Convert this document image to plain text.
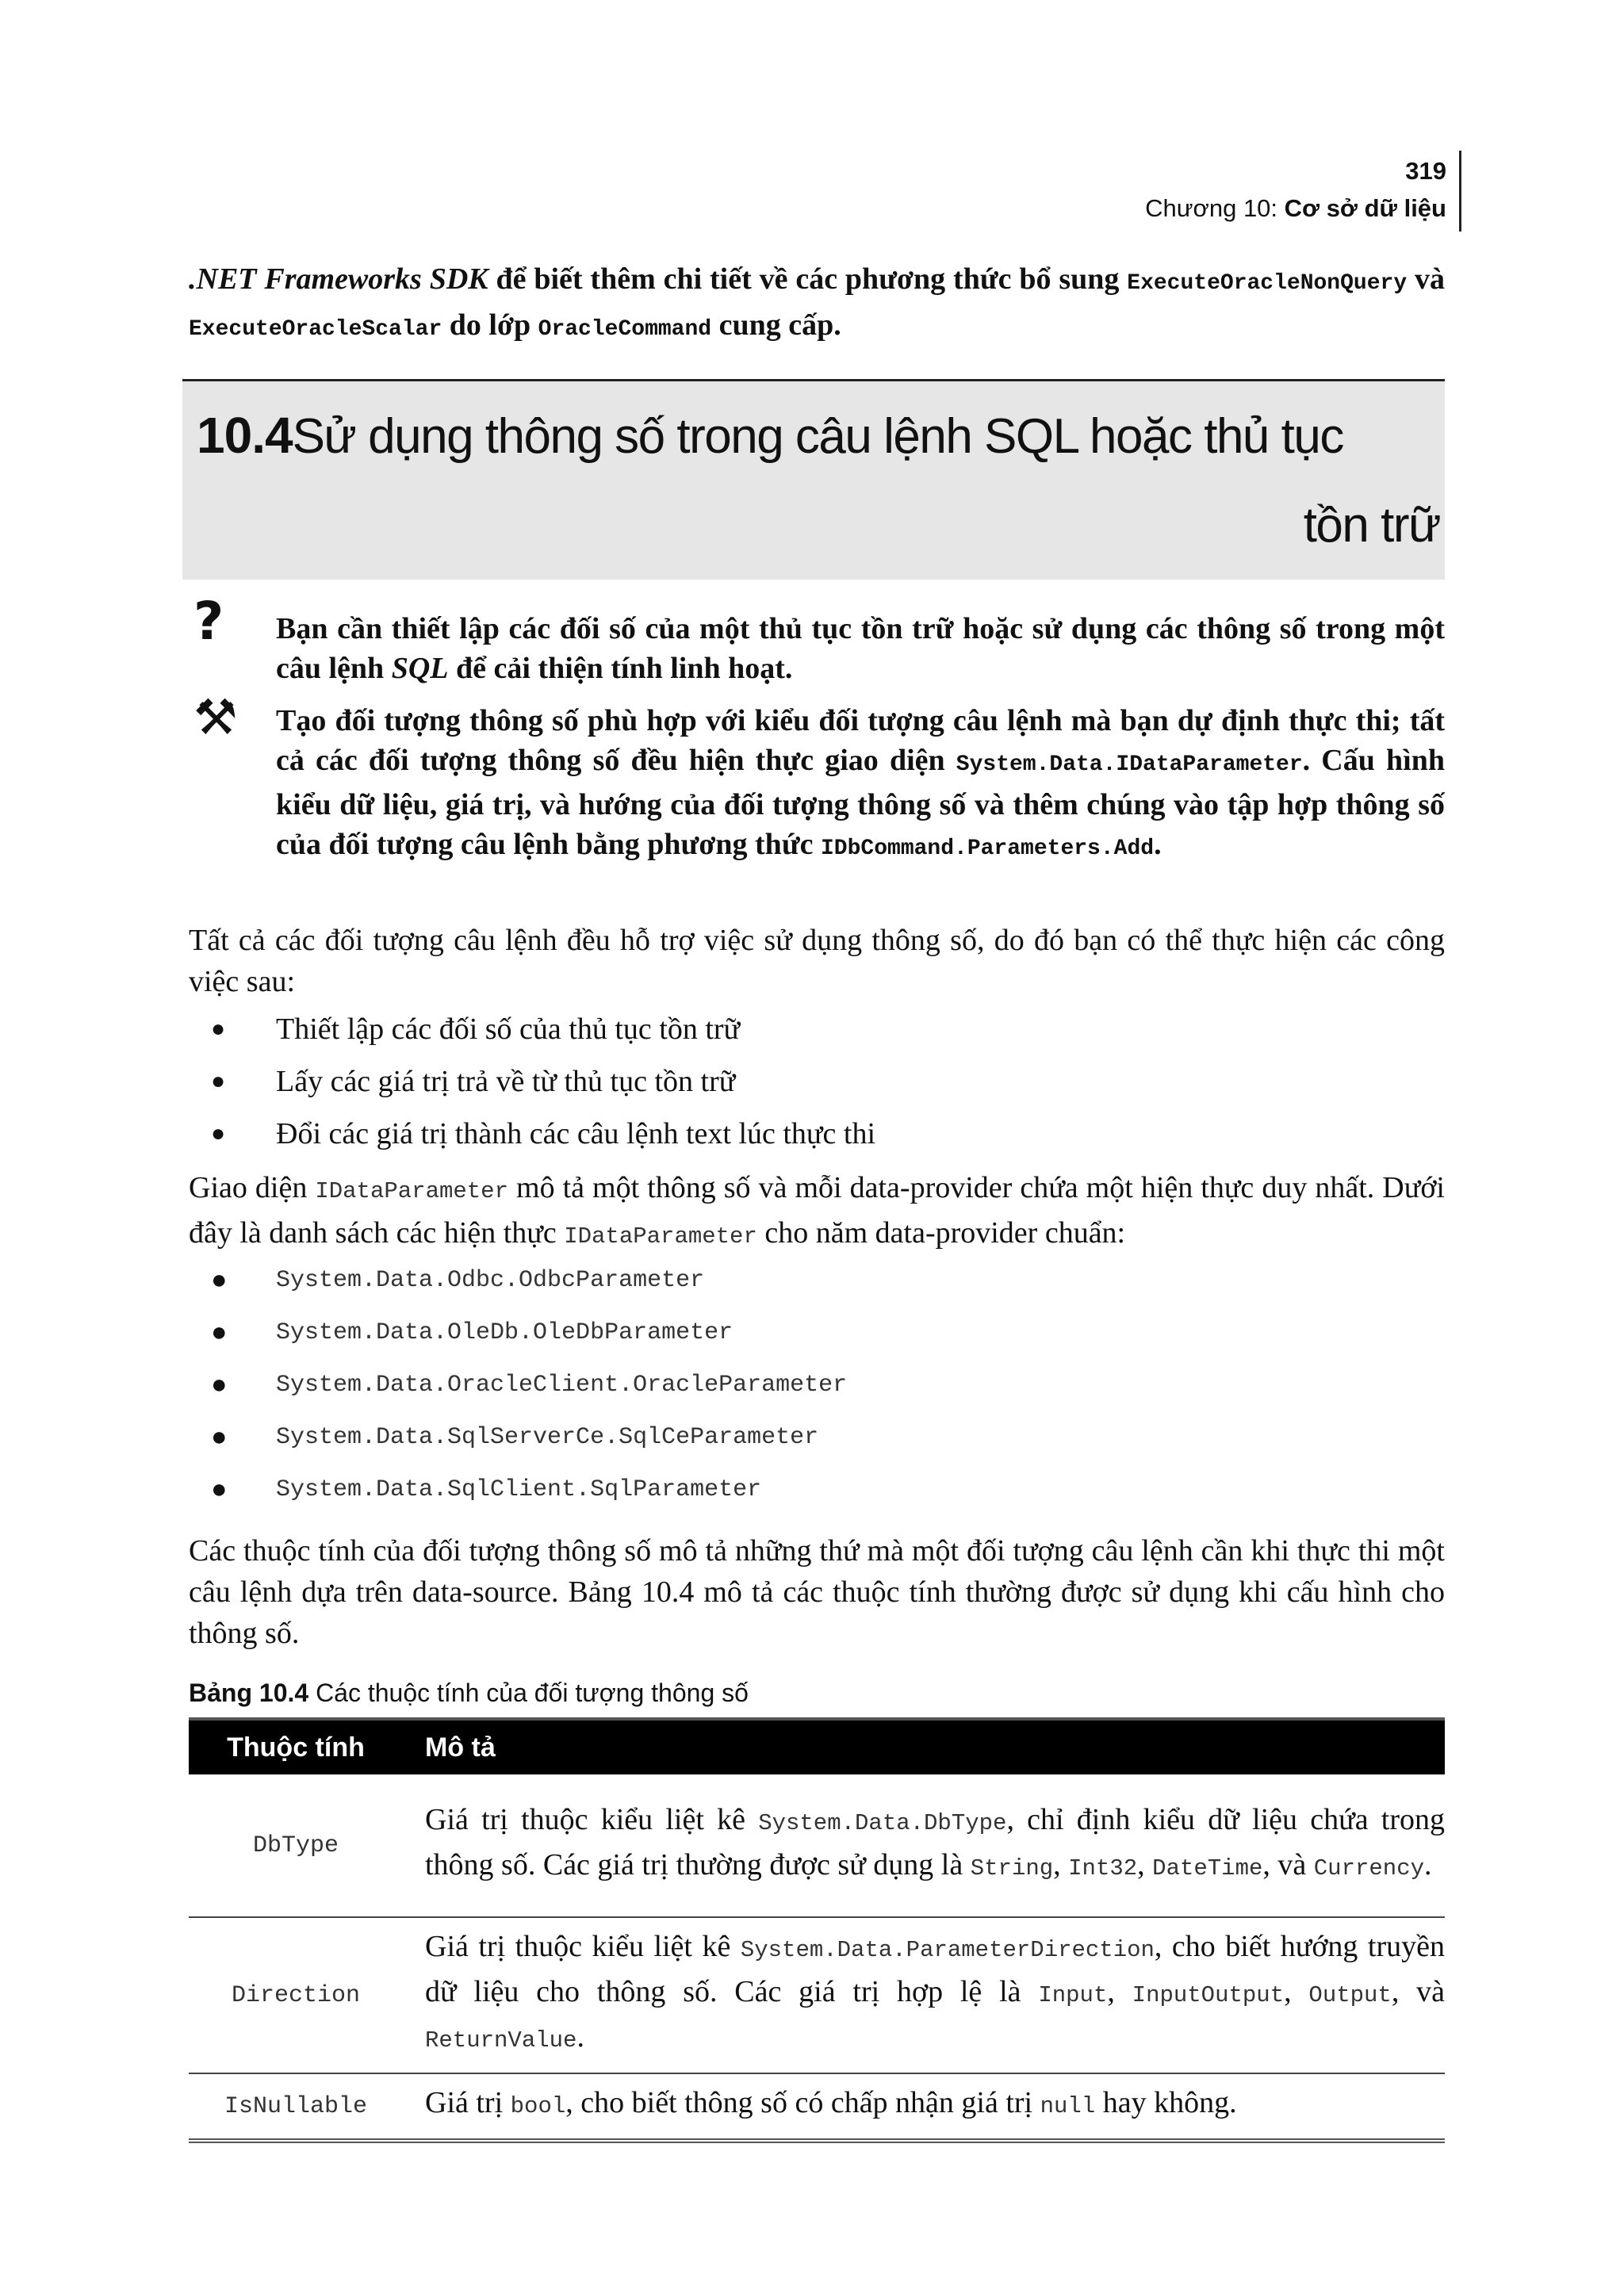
319
Chương 10: Cơ sở dữ liệu
.NET Frameworks SDK để biết thêm chi tiết về các phương thức bổ sung ExecuteOracleNonQuery và ExecuteOracleScalar do lớp OracleCommand cung cấp.
10.4Sử dụng thông số trong câu lệnh SQL hoặc thủ tục
tồn trữ
? Bạn cần thiết lập các đối số của một thủ tục tồn trữ hoặc sử dụng các thông số trong một câu lệnh SQL để cải thiện tính linh hoạt.
⚒ Tạo đối tượng thông số phù hợp với kiểu đối tượng câu lệnh mà bạn dự định thực thi; tất cả các đối tượng thông số đều hiện thực giao diện System.Data.IDataParameter. Cấu hình kiểu dữ liệu, giá trị, và hướng của đối tượng thông số và thêm chúng vào tập hợp thông số của đối tượng câu lệnh bằng phương thức IDbCommand.Parameters.Add.
Tất cả các đối tượng câu lệnh đều hỗ trợ việc sử dụng thông số, do đó bạn có thể thực hiện các công việc sau:
● Thiết lập các đối số của thủ tục tồn trữ
● Lấy các giá trị trả về từ thủ tục tồn trữ
● Đổi các giá trị thành các câu lệnh text lúc thực thi
Giao diện IDataParameter mô tả một thông số và mỗi data-provider chứa một hiện thực duy nhất. Dưới đây là danh sách các hiện thực IDataParameter cho năm data-provider chuẩn:
● System.Data.Odbc.OdbcParameter
● System.Data.OleDb.OleDbParameter
● System.Data.OracleClient.OracleParameter
● System.Data.SqlServerCe.SqlCeParameter
● System.Data.SqlClient.SqlParameter
Các thuộc tính của đối tượng thông số mô tả những thứ mà một đối tượng câu lệnh cần khi thực thi một câu lệnh dựa trên data-source. Bảng 10.4 mô tả các thuộc tính thường được sử dụng khi cấu hình cho thông số.
Bảng 10.4 Các thuộc tính của đối tượng thông số
Thuộc tính	Mô tả
DbType	Giá trị thuộc kiểu liệt kê System.Data.DbType, chỉ định kiểu dữ liệu chứa trong thông số. Các giá trị thường được sử dụng là String, Int32, DateTime, và Currency.
Direction	Giá trị thuộc kiểu liệt kê System.Data.ParameterDirection, cho biết hướng truyền dữ liệu cho thông số. Các giá trị hợp lệ là Input, InputOutput, Output, và ReturnValue.
IsNullable	Giá trị bool, cho biết thông số có chấp nhận giá trị null hay không.
